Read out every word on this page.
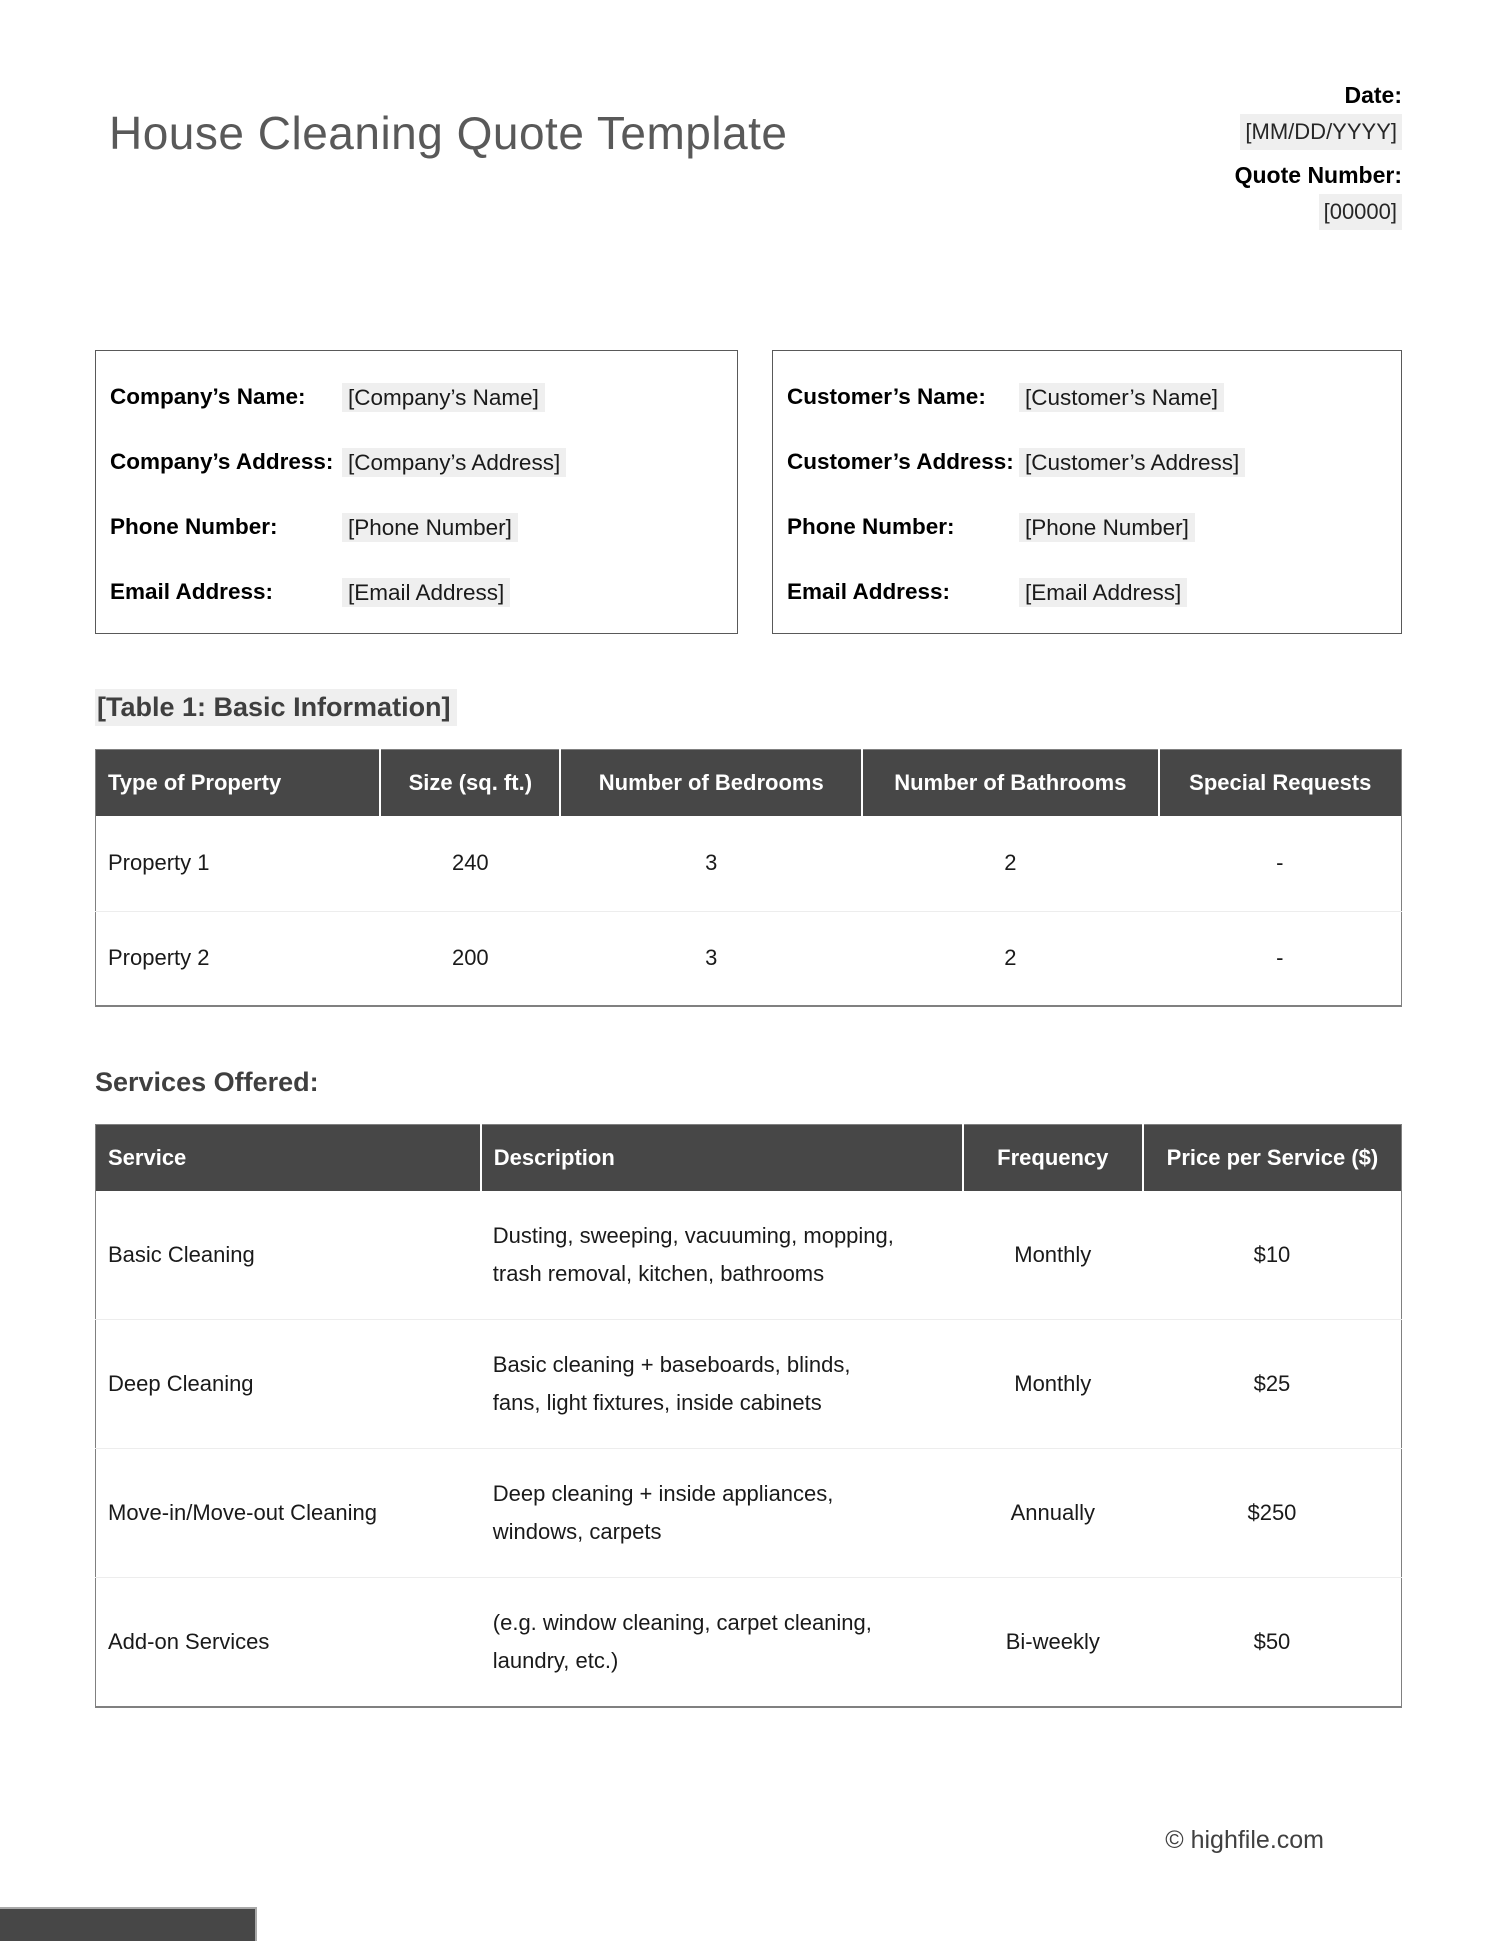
House Cleaning Quote Template
Date:
[MM/DD/YYYY]
Quote Number:
[00000]
Company’s Name:	[Company’s Name]
Company’s Address: [Company’s Address]
Phone Number:	[Phone Number]
Email Address:	[Email Address]
Customer’s Name:	[Customer’s Name]
Customer’s Address: [Customer’s Address]
Phone Number:	[Phone Number]
Email Address:	[Email Address]
[Table 1: Basic Information]
Type of Property	Size (sq. ft.)	Number of Bedrooms	Number of Bathrooms	Special Requests
Property 1	240	3	2	-
Property 2	200	3	2	-
Services Offered:
Service	Description	Frequency	Price per Service ($)
Basic Cleaning	Dusting, sweeping, vacuuming, mopping, trash removal, kitchen, bathrooms	Monthly	$10
Deep Cleaning	Basic cleaning + baseboards, blinds, fans, light fixtures, inside cabinets	Monthly	$25
Move-in/Move-out Cleaning	Deep cleaning + inside appliances, windows, carpets	Annually	$250
Add-on Services	(e.g. window cleaning, carpet cleaning, laundry, etc.)	Bi-weekly	$50
© highfile.com
